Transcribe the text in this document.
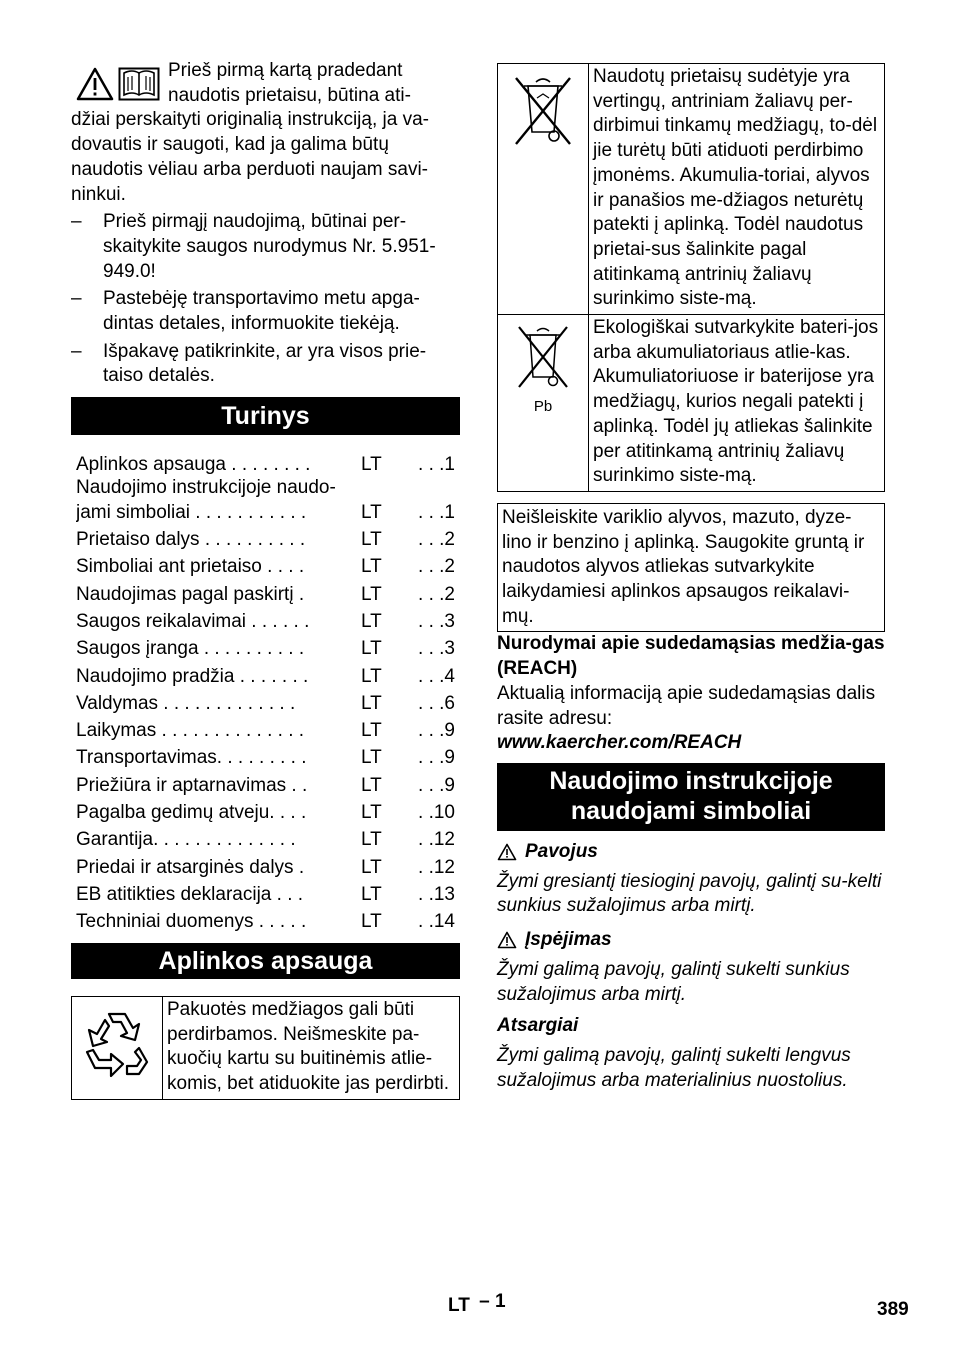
Prieš pirmą kartą pradedant

naudotis prietaisu, būtina ati-

džiai perskaityti originalią instrukciją, ja va-dovautis ir saugoti, kad ja galima būtų naudotis vėliau arba perduoti naujam savi-ninkui.

– Prieš pirmąjį naudojimą, būtinai per-skaitykite saugos nurodymus Nr. 5.951-949.0!
– Pastebėję transportavimo metu apga-dintas detales, informuokite tiekėją.
– Išpakavę patikrinkite, ar yra visos prie-taiso detalės.
Turinys
Aplinkos apsauga . . . . . . . .	LT	. . .1
Naudojimo instrukcijoje naudo-
jami simboliai . . . . . . . . . . .	LT	. . .1
Prietaiso dalys . . . . . . . . . .	LT	. . .2
Simboliai ant prietaiso . . . .	LT	. . .2
Naudojimas pagal paskirtį .	LT	. . .2
Saugos reikalavimai . . . . . .	LT	. . .3
Saugos įranga . . . . . . . . . .	LT	. . .3
Naudojimo pradžia . . . . . . .	LT	. . .4
Valdymas . . . . . . . . . . . . .	LT	. . .6
Laikymas . . . . . . . . . . . . . .	LT	. . .9
Transportavimas. . . . . . . . .	LT	. . .9
Priežiūra ir aptarnavimas . .	LT	. . .9
Pagalba gedimų atveju. . . .	LT	. .10
Garantija. . . . . . . . . . . . . .	LT	. .12
Priedai ir atsarginės dalys .	LT	. .12
EB atitikties deklaracija . . .	LT	. .13
Techniniai duomenys . . . . .	LT	. .14
Aplinkos apsauga
	Pakuotės medžiagos gali būti perdirbamos. Neišmeskite pa-kuočių kartu su buitinėmis atlie-komis, bet atiduokite jas perdirbti.
	Naudotų prietaisų sudėtyje yra vertingų, antriniam žaliavų per-dirbimui tinkamų medžiagų, to-dėl jie turėtų būti atiduoti perdirbimo įmonėms. Akumulia-toriai, alyvos ir panašios me-džiagos neturėtų patekti į aplinką. Todėl naudotus prietai-sus šalinkite pagal atitinkamą antrinių žaliavų surinkimo siste-mą.

Pb	Ekologiškai sutvarkykite bateri-jos arba akumuliatoriaus atlie-kas. Akumuliatoriuose ir baterijose yra medžiagų, kurios negali patekti į aplinką. Todėl jų atliekas šalinkite per atitinkamą antrinių žaliavų surinkimo siste-mą.
Neišleiskite variklio alyvos, mazuto, dyze-lino ir benzino į aplinką. Saugokite gruntą ir naudotos alyvos atliekas sutvarkykite laikydamiesi aplinkos apsaugos reikalavi-mų.

Nurodymai apie sudedamąsias medžia-gas (REACH)

Aktualią informaciją apie sudedamąsias dalis rasite adresu:

www.kaercher.com/REACH

Naudojimo instrukcijoje
naudojami simboliai
Pavojus

Žymi gresiantį tiesioginį pavojų, galintį su-kelti sunkius sužalojimus arba mirtį.

Įspėjimas

Žymi galimą pavojų, galintį sukelti sunkius sužalojimus arba mirtį.

Atsargiai

Žymi galimą pavojų, galintį sukelti lengvus sužalojimus arba materialinius nuostolius.

LT – 1	389
